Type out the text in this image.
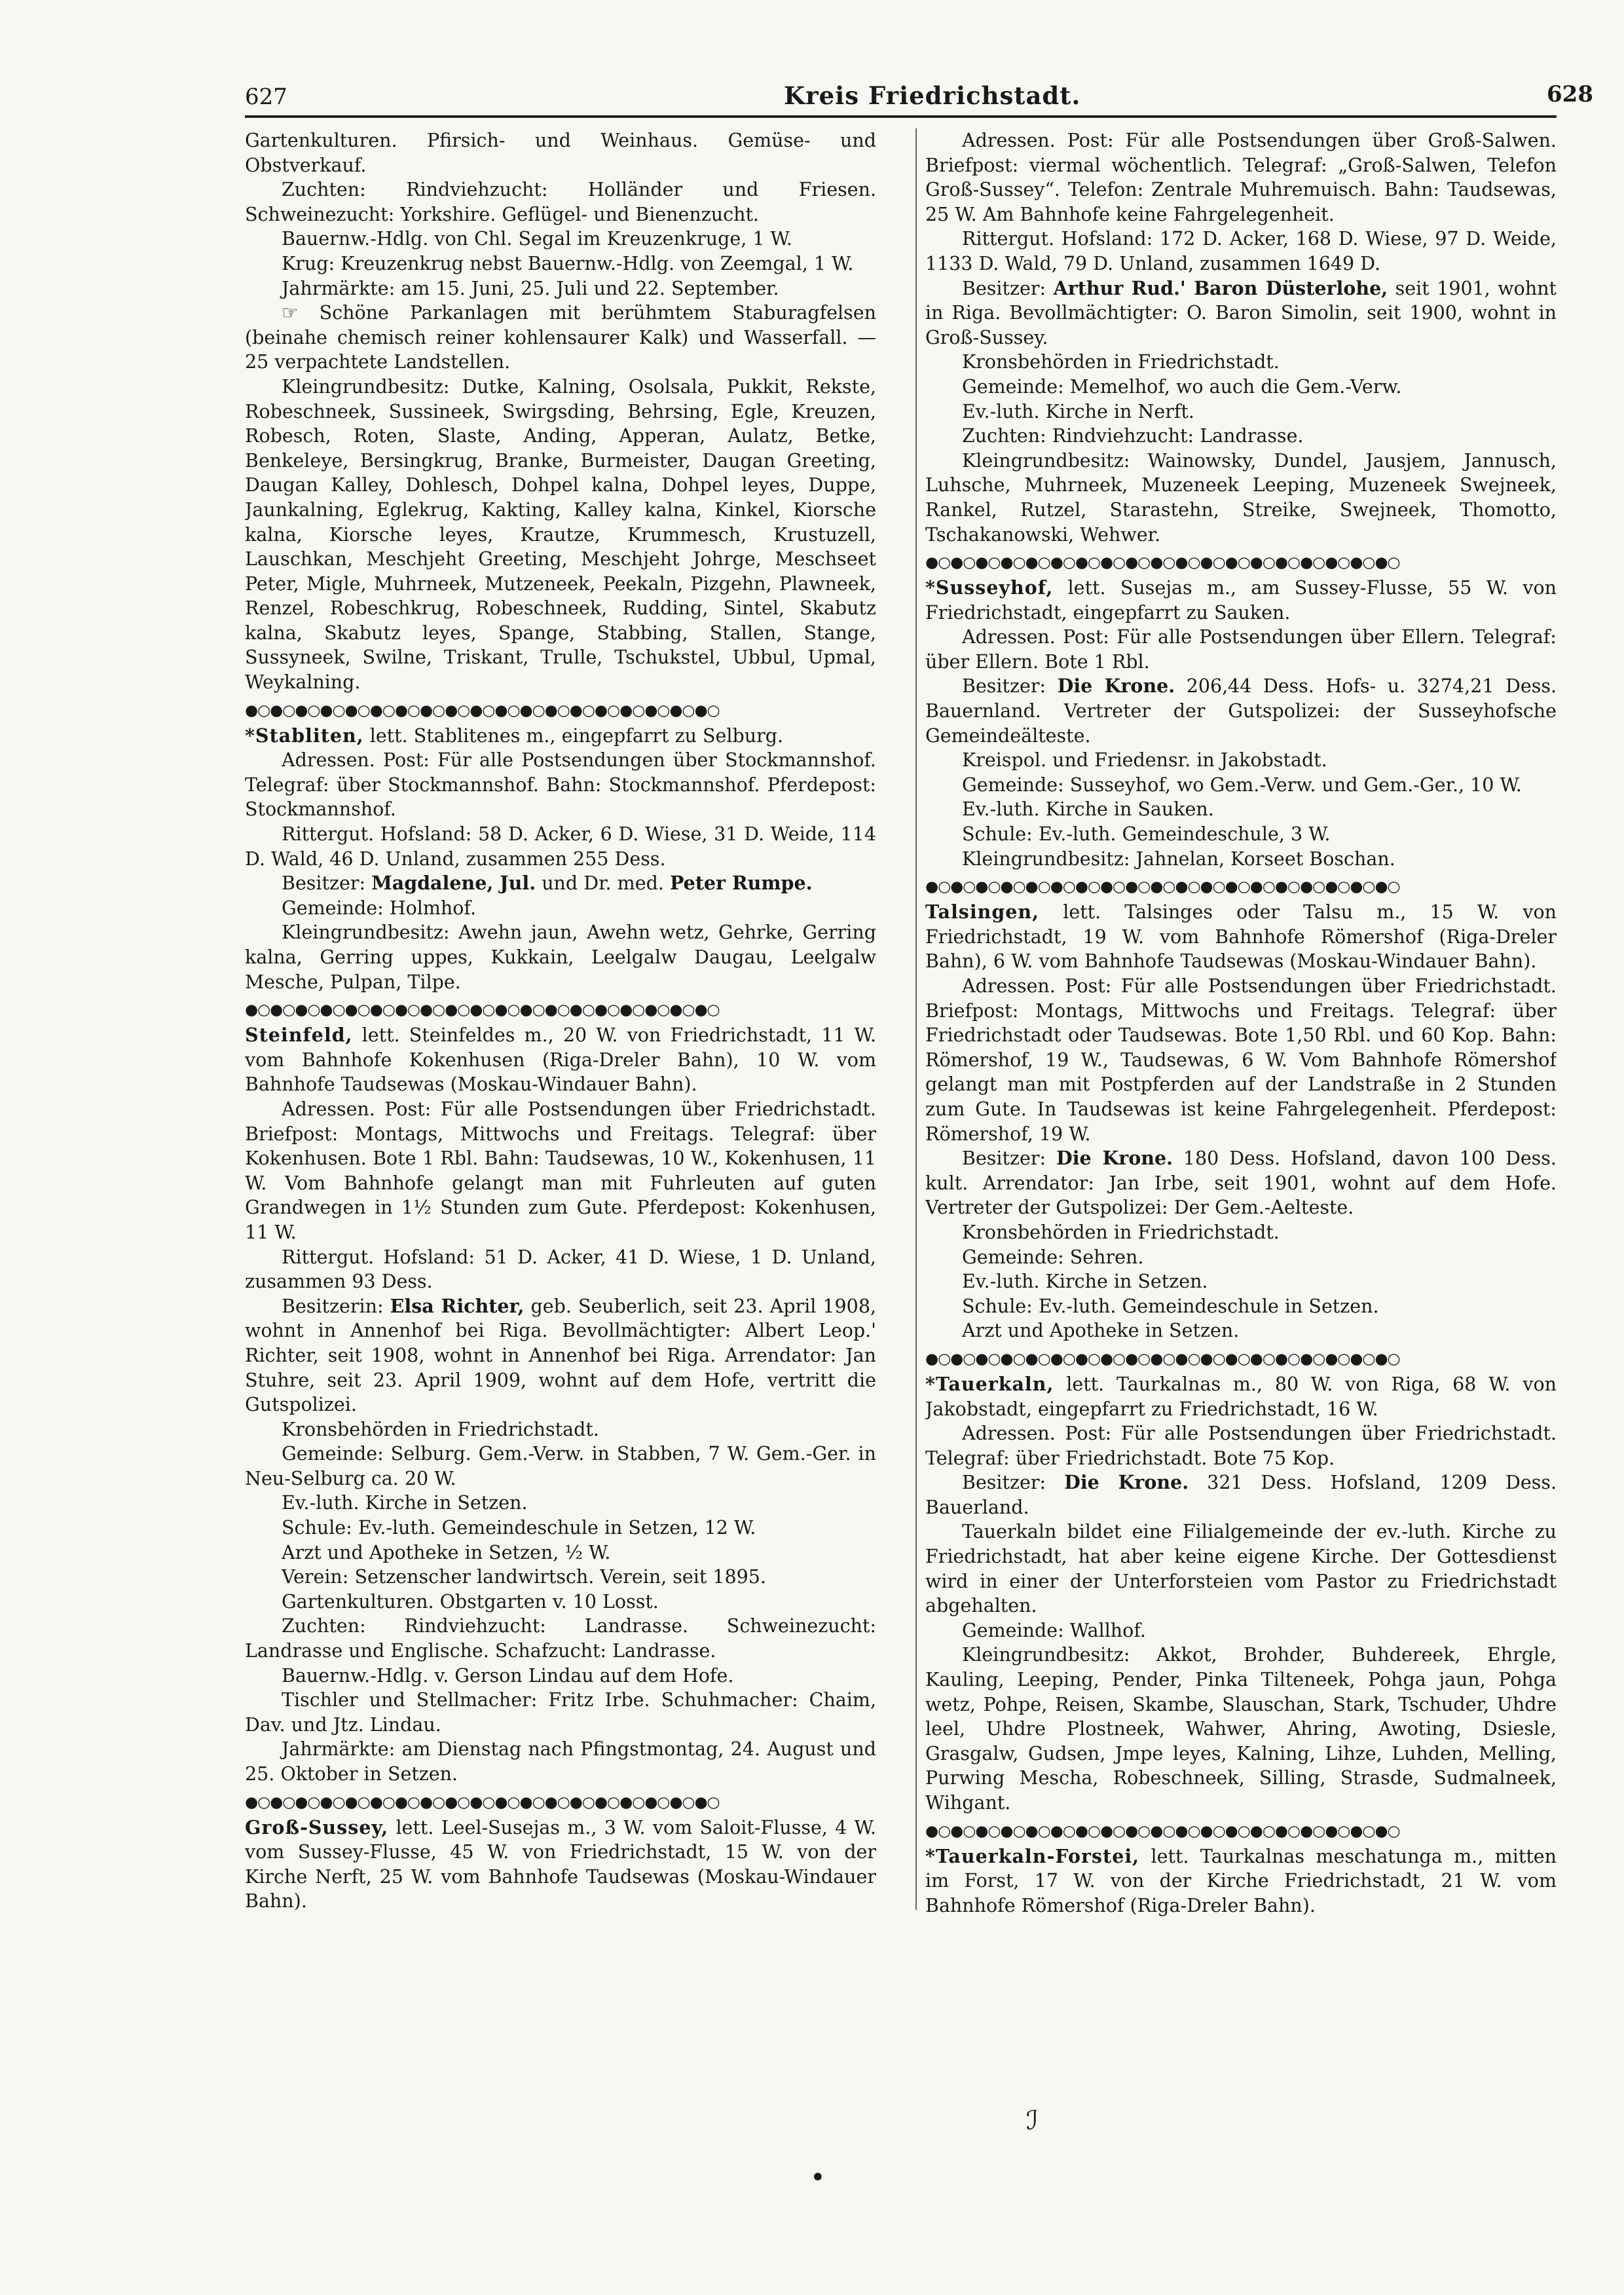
627	Kreis Friedrichstadt.	628

Gartenkulturen. Pfirsich- und Weinhaus. Gemüse- und Obstverkauf.

Zuchten: Rindviehzucht: Holländer und Friesen. Schweinezucht: Yorkshire. Geflügel- und Bienenzucht.

Bauernw.-Hdlg. von Chl. Segal im Kreuzenkruge, 1 W.

Krug: Kreuzenkrug nebst Bauernw.-Hdlg. von Zeemgal, 1 W.

Jahrmärkte: am 15. Juni, 25. Juli und 22. September.

☞ Schöne Parkanlagen mit berühmtem Staburagfelsen (beinahe chemisch reiner kohlensaurer Kalk) und Wasserfall. — 25 verpachtete Landstellen.

Kleingrundbesitz: Dutke, Kalning, Osolsala, Pukkit, Rekste, Robeschneek, Sussineek, Swirgsding, Behrsing, Egle, Kreuzen, Robesch, Roten, Slaste, Anding, Apperan, Aulatz, Betke, Benkeleye, Bersingkrug, Branke, Burmeister, Daugan Greeting, Daugan Kalley, Dohlesch, Dohpel kalna, Dohpel leyes, Duppe, Jaunkalning, Eglekrug, Kakting, Kalley kalna, Kinkel, Kiorsche kalna, Kiorsche leyes, Krautze, Krummesch, Krustuzell, Lauschkan, Meschjeht Greeting, Meschjeht Johrge, Meschseet Peter, Migle, Muhrneek, Mutzeneek, Peekaln, Pizgehn, Plawneek, Renzel, Robeschkrug, Robeschneek, Rudding, Sintel, Skabutz kalna, Skabutz leyes, Spange, Stabbing, Stallen, Stange, Sussyneek, Swilne, Triskant, Trulle, Tschukstel, Ubbul, Upmal, Weykalning.

●○●○●○●○●○●○●○●○●○●○●○●○●○●○●○●○●○●○●○

*Stabliten, lett. Stablitenes m., eingepfarrt zu Selburg.

Adressen. Post: Für alle Postsendungen über Stockmannshof. Telegraf: über Stockmannshof. Bahn: Stockmannshof. Pferdepost: Stockmannshof.

Rittergut. Hofsland: 58 D. Acker, 6 D. Wiese, 31 D. Weide, 114 D. Wald, 46 D. Unland, zusammen 255 Dess.

Besitzer: Magdalene, Jul. und Dr. med. Peter Rumpe.

Gemeinde: Holmhof.

Kleingrundbesitz: Awehn jaun, Awehn wetz, Gehrke, Gerring kalna, Gerring uppes, Kukkain, Leelgalw Daugau, Leelgalw Mesche, Pulpan, Tilpe.

●○●○●○●○●○●○●○●○●○●○●○●○●○●○●○●○●○●○●○

Steinfeld, lett. Steinfeldes m., 20 W. von Friedrichstadt, 11 W. vom Bahnhofe Kokenhusen (Riga-Dreler Bahn), 10 W. vom Bahnhofe Taudsewas (Moskau-Windauer Bahn).

Adressen. Post: Für alle Postsendungen über Friedrichstadt. Briefpost: Montags, Mittwochs und Freitags. Telegraf: über Kokenhusen. Bote 1 Rbl. Bahn: Taudsewas, 10 W., Kokenhusen, 11 W. Vom Bahnhofe gelangt man mit Fuhrleuten auf guten Grandwegen in 1½ Stunden zum Gute. Pferdepost: Kokenhusen, 11 W.

Rittergut. Hofsland: 51 D. Acker, 41 D. Wiese, 1 D. Unland, zusammen 93 Dess.

Besitzerin: Elsa Richter, geb. Seuberlich, seit 23. April 1908, wohnt in Annenhof bei Riga. Bevollmächtigter: Albert Leop.' Richter, seit 1908, wohnt in Annenhof bei Riga. Arrendator: Jan Stuhre, seit 23. April 1909, wohnt auf dem Hofe, vertritt die Gutspolizei.

Kronsbehörden in Friedrichstadt.

Gemeinde: Selburg. Gem.-Verw. in Stabben, 7 W. Gem.-Ger. in Neu-Selburg ca. 20 W.

Ev.-luth. Kirche in Setzen.

Schule: Ev.-luth. Gemeindeschule in Setzen, 12 W.

Arzt und Apotheke in Setzen, ½ W.

Verein: Setzenscher landwirtsch. Verein, seit 1895.

Gartenkulturen. Obstgarten v. 10 Losst.

Zuchten: Rindviehzucht: Landrasse. Schweinezucht: Landrasse und Englische. Schafzucht: Landrasse.

Bauernw.-Hdlg. v. Gerson Lindau auf dem Hofe.

Tischler und Stellmacher: Fritz Irbe. Schuhmacher: Chaim, Dav. und Jtz. Lindau.

Jahrmärkte: am Dienstag nach Pfingstmontag, 24. August und 25. Oktober in Setzen.

●○●○●○●○●○●○●○●○●○●○●○●○●○●○●○●○●○●○●○

Groß-Sussey, lett. Leel-Susejas m., 3 W. vom Saloit-Flusse, 4 W. vom Sussey-Flusse, 45 W. von Friedrichstadt, 15 W. von der Kirche Nerft, 25 W. vom Bahnhofe Taudsewas (Moskau-Windauer Bahn).

Adressen. Post: Für alle Postsendungen über Groß-Salwen. Briefpost: viermal wöchentlich. Telegraf: „Groß-Salwen, Telefon Groß-Sussey“. Telefon: Zentrale Muhremuisch. Bahn: Taudsewas, 25 W. Am Bahnhofe keine Fahrgelegenheit.

Rittergut. Hofsland: 172 D. Acker, 168 D. Wiese, 97 D. Weide, 1133 D. Wald, 79 D. Unland, zusammen 1649 D.

Besitzer: Arthur Rud.' Baron Düsterlohe, seit 1901, wohnt in Riga. Bevollmächtigter: O. Baron Simolin, seit 1900, wohnt in Groß-Sussey.

Kronsbehörden in Friedrichstadt.

Gemeinde: Memelhof, wo auch die Gem.-Verw.

Ev.-luth. Kirche in Nerft.

Zuchten: Rindviehzucht: Landrasse.

Kleingrundbesitz: Wainowsky, Dundel, Jausjem, Jannusch, Luhsche, Muhrneek, Muzeneek Leeping, Muzeneek Swejneek, Rankel, Rutzel, Starastehn, Streike, Swejneek, Thomotto, Tschakanowski, Wehwer.

●○●○●○●○●○●○●○●○●○●○●○●○●○●○●○●○●○●○●○

*Susseyhof, lett. Susejas m., am Sussey-Flusse, 55 W. von Friedrichstadt, eingepfarrt zu Sauken.

Adressen. Post: Für alle Postsendungen über Ellern. Telegraf: über Ellern. Bote 1 Rbl.

Besitzer: Die Krone. 206,44 Dess. Hofs- u. 3274,21 Dess. Bauernland. Vertreter der Gutspolizei: der Susseyhofsche Gemeindeälteste.

Kreispol. und Friedensr. in Jakobstadt.

Gemeinde: Susseyhof, wo Gem.-Verw. und Gem.-Ger., 10 W.

Ev.-luth. Kirche in Sauken.

Schule: Ev.-luth. Gemeindeschule, 3 W.

Kleingrundbesitz: Jahnelan, Korseet Boschan.

●○●○●○●○●○●○●○●○●○●○●○●○●○●○●○●○●○●○●○

Talsingen, lett. Talsinges oder Talsu m., 15 W. von Friedrichstadt, 19 W. vom Bahnhofe Römershof (Riga-Dreler Bahn), 6 W. vom Bahnhofe Taudsewas (Moskau-Windauer Bahn).

Adressen. Post: Für alle Postsendungen über Friedrichstadt. Briefpost: Montags, Mittwochs und Freitags. Telegraf: über Friedrichstadt oder Taudsewas. Bote 1,50 Rbl. und 60 Kop. Bahn: Römershof, 19 W., Taudsewas, 6 W. Vom Bahnhofe Römershof gelangt man mit Postpferden auf der Landstraße in 2 Stunden zum Gute. In Taudsewas ist keine Fahrgelegenheit. Pferdepost: Römershof, 19 W.

Besitzer: Die Krone. 180 Dess. Hofsland, davon 100 Dess. kult. Arrendator: Jan Irbe, seit 1901, wohnt auf dem Hofe. Vertreter der Gutspolizei: Der Gem.-Aelteste.

Kronsbehörden in Friedrichstadt.

Gemeinde: Sehren.

Ev.-luth. Kirche in Setzen.

Schule: Ev.-luth. Gemeindeschule in Setzen.

Arzt und Apotheke in Setzen.

●○●○●○●○●○●○●○●○●○●○●○●○●○●○●○●○●○●○●○

*Tauerkaln, lett. Taurkalnas m., 80 W. von Riga, 68 W. von Jakobstadt, eingepfarrt zu Friedrichstadt, 16 W.

Adressen. Post: Für alle Postsendungen über Friedrichstadt. Telegraf: über Friedrichstadt. Bote 75 Kop.

Besitzer: Die Krone. 321 Dess. Hofsland, 1209 Dess. Bauerland.

Tauerkaln bildet eine Filialgemeinde der ev.-luth. Kirche zu Friedrichstadt, hat aber keine eigene Kirche. Der Gottesdienst wird in einer der Unterforsteien vom Pastor zu Friedrichstadt abgehalten.

Gemeinde: Wallhof.

Kleingrundbesitz: Akkot, Brohder, Buhdereek, Ehrgle, Kauling, Leeping, Pender, Pinka Tilteneek, Pohga jaun, Pohga wetz, Pohpe, Reisen, Skambe, Slauschan, Stark, Tschuder, Uhdre leel, Uhdre Plostneek, Wahwer, Ahring, Awoting, Dsiesle, Grasgalw, Gudsen, Jmpe leyes, Kalning, Lihze, Luhden, Melling, Purwing Mescha, Robeschneek, Silling, Strasde, Sudmalneek, Wihgant.

●○●○●○●○●○●○●○●○●○●○●○●○●○●○●○●○●○●○●○

*Tauerkaln-Forstei, lett. Taurkalnas meschatunga m., mitten im Forst, 17 W. von der Kirche Friedrichstadt, 21 W. vom Bahnhofe Römershof (Riga-Dreler Bahn).

ℐ
•
